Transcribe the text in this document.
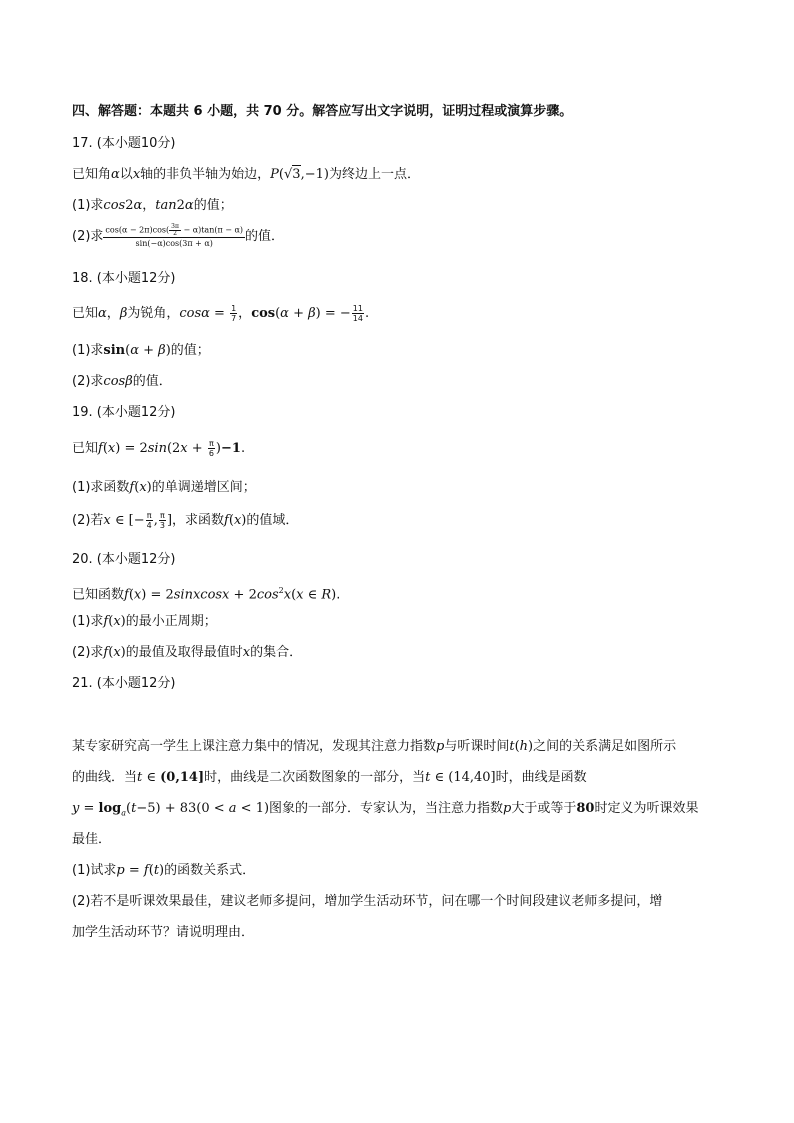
四、解答题：本题共 6 小题，共 70 分。解答应写出文字说明，证明过程或演算步骤。
17. (本小题10分)
已知角α以x轴的非负半轴为始边，P(√3,−1)为终边上一点．
(1)求cos2α，tan2α的值；
(2)求 $\frac{\cos(\alpha - 2\pi)\cos( \frac{3\pi}{2} - \alpha)\tan(\pi - \alpha)}{\sin(-\alpha)\cos(3\pi + \alpha)}$ 的值．
18. (本小题12分)
已知α，β为锐角，$\cos\alpha = \frac{1}{7}$ ，cos(α + β) = − $\frac{11}{14}$ .
(1)求sin(α + β)的值；
(2)求cosβ的值．
19. (本小题12分)
已知$f(x) = 2\sin(2x + \frac{\pi}{6} )-1$.
(1)求函数f(x)的单调递增区间；
(2)若x ∈ [− $\frac{\pi}{4}$ , $\frac{\pi}{3}$ ]，求函数f(x)的值域．
20. (本小题12分)
已知函数f(x) = 2sinxcosx + $2\cos^2x(x$ ∈ R).
(1)求f(x)的最小正周期；
(2)求f(x)的最值及取得最值时x的集合．
21. (本小题12分)
某专家研究高一学生上课注意力集中的情况，发现其注意力指数p与听课时间t(h)之间的关系满足如图所示
的曲线．当t ∈ (0,14]时，曲线是二次函数图象的一部分，当t ∈ (14,40]时，曲线是函数
$y = \log_a(t-5) + 83(0 < a < 1)$图象的一部分．专家认为，当注意力指数p大于或等于80时定义为听课效果
最佳．
(1)试求p = f(t)的函数关系式．
(2)若不是听课效果最佳，建议老师多提问，增加学生活动环节，问在哪一个时间段建议老师多提问，增
加学生活动环节？请说明理由．
